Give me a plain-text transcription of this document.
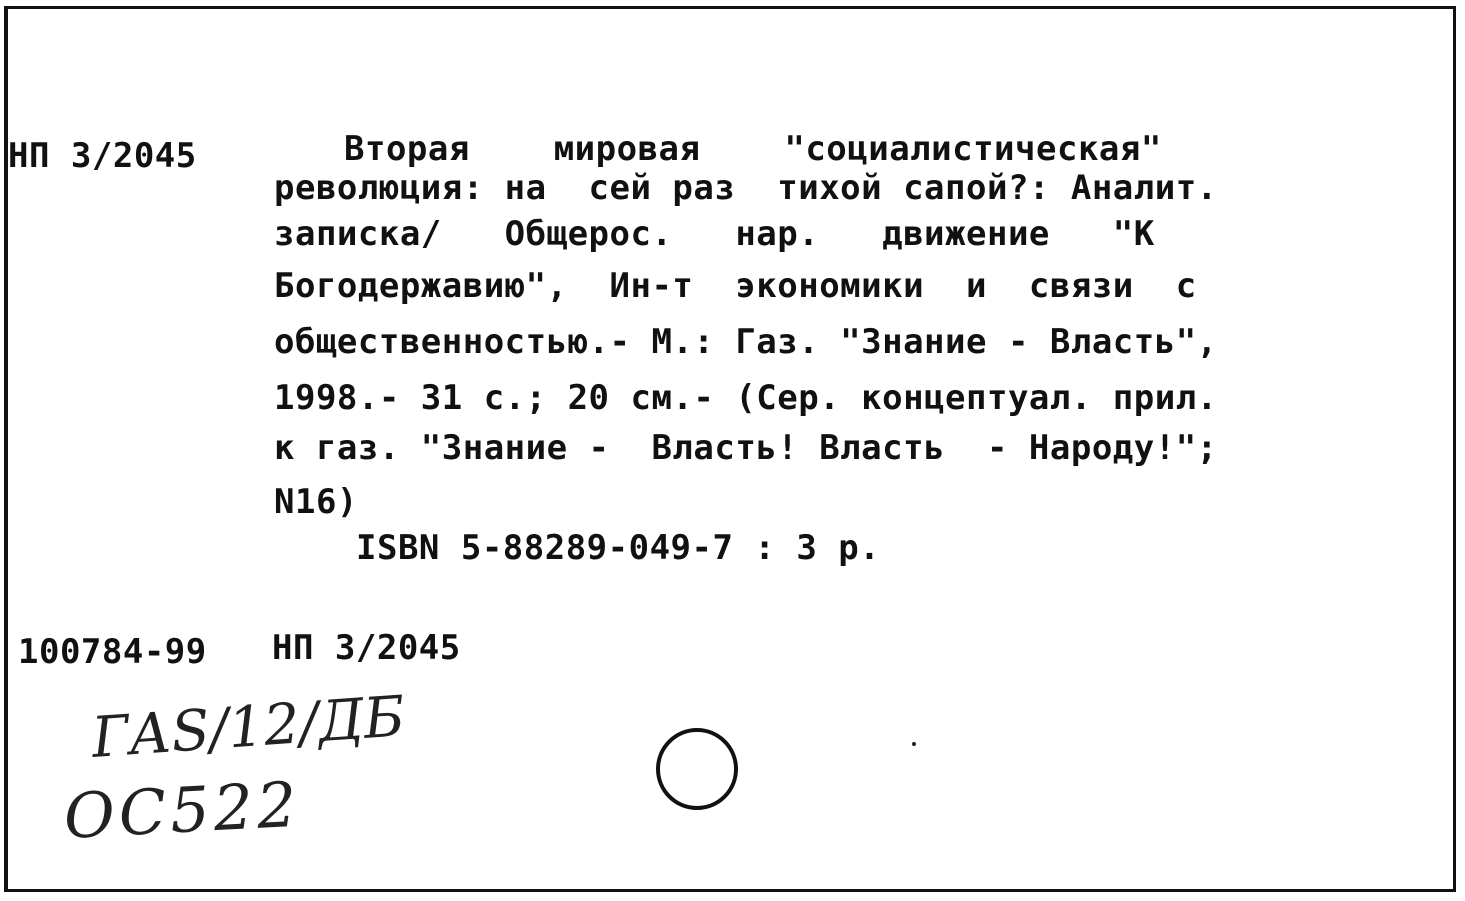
НП 3/2045	Вторая    мировая    "социалистическая"
революция: на  сей раз  тихой сапой?: Аналит.
записка/   Общерос.   нар.   движение   "К
Богодержавию",  Ин-т  экономики  и  связи  с
общественностью.- М.: Газ. "Знание - Власть",
1998.- 31 с.; 20 см.- (Сер. концептуал. прил.
к газ. "Знание -  Власть! Власть  - Народу!";
N16)
ISBN 5-88289-049-7 : 3 р.
100784-99 НП 3/2045
ГАS/12/ДБ
ОС522
